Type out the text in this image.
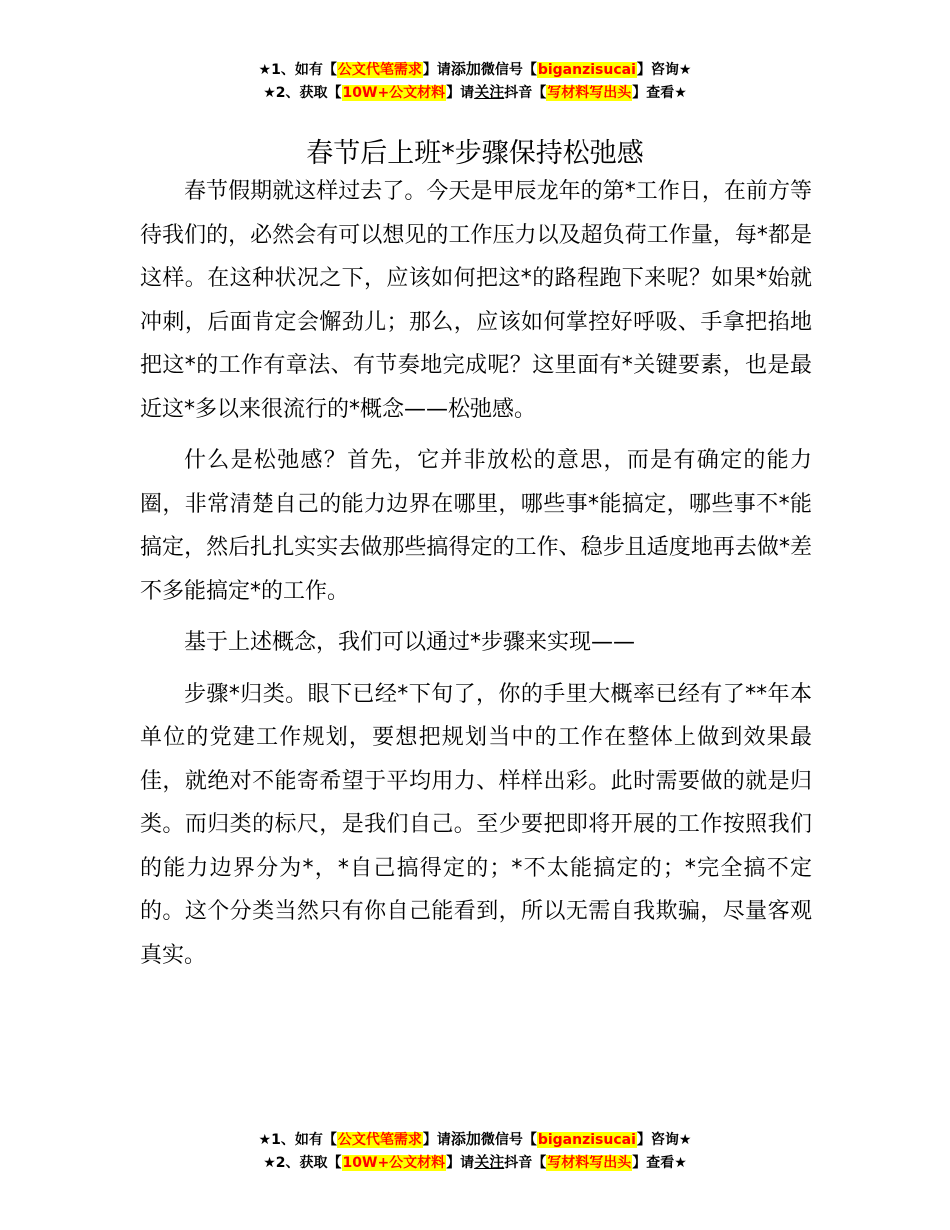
★1、如有【公文代笔需求】请添加微信号【biganzisucai】咨询★
★2、获取【10W+公文材料】请关注抖音【写材料写出头】查看★
春节后上班*步骤保持松弛感

春节假期就这样过去了。今天是甲辰龙年的第*工作日，在前方等待我们的，必然会有可以想见的工作压力以及超负荷工作量，每*都是这样。在这种状况之下，应该如何把这*的路程跑下来呢？如果*始就冲刺，后面肯定会懈劲儿；那么，应该如何掌控好呼吸、手拿把掐地把这*的工作有章法、有节奏地完成呢？这里面有*关键要素，也是最近这*多以来很流行的*概念——松弛感。

什么是松弛感？首先，它并非放松的意思，而是有确定的能力圈，非常清楚自己的能力边界在哪里，哪些事*能搞定，哪些事不*能搞定，然后扎扎实实去做那些搞得定的工作、稳步且适度地再去做*差不多能搞定*的工作。

基于上述概念，我们可以通过*步骤来实现——

步骤*归类。眼下已经*下旬了，你的手里大概率已经有了**年本单位的党建工作规划，要想把规划当中的工作在整体上做到效果最佳，就绝对不能寄希望于平均用力、样样出彩。此时需要做的就是归类。而归类的标尺，是我们自己。至少要把即将开展的工作按照我们的能力边界分为*，*自己搞得定的；*不太能搞定的；*完全搞不定的。这个分类当然只有你自己能看到，所以无需自我欺骗，尽量客观真实。

★1、如有【公文代笔需求】请添加微信号【biganzisucai】咨询★
★2、获取【10W+公文材料】请关注抖音【写材料写出头】查看★
